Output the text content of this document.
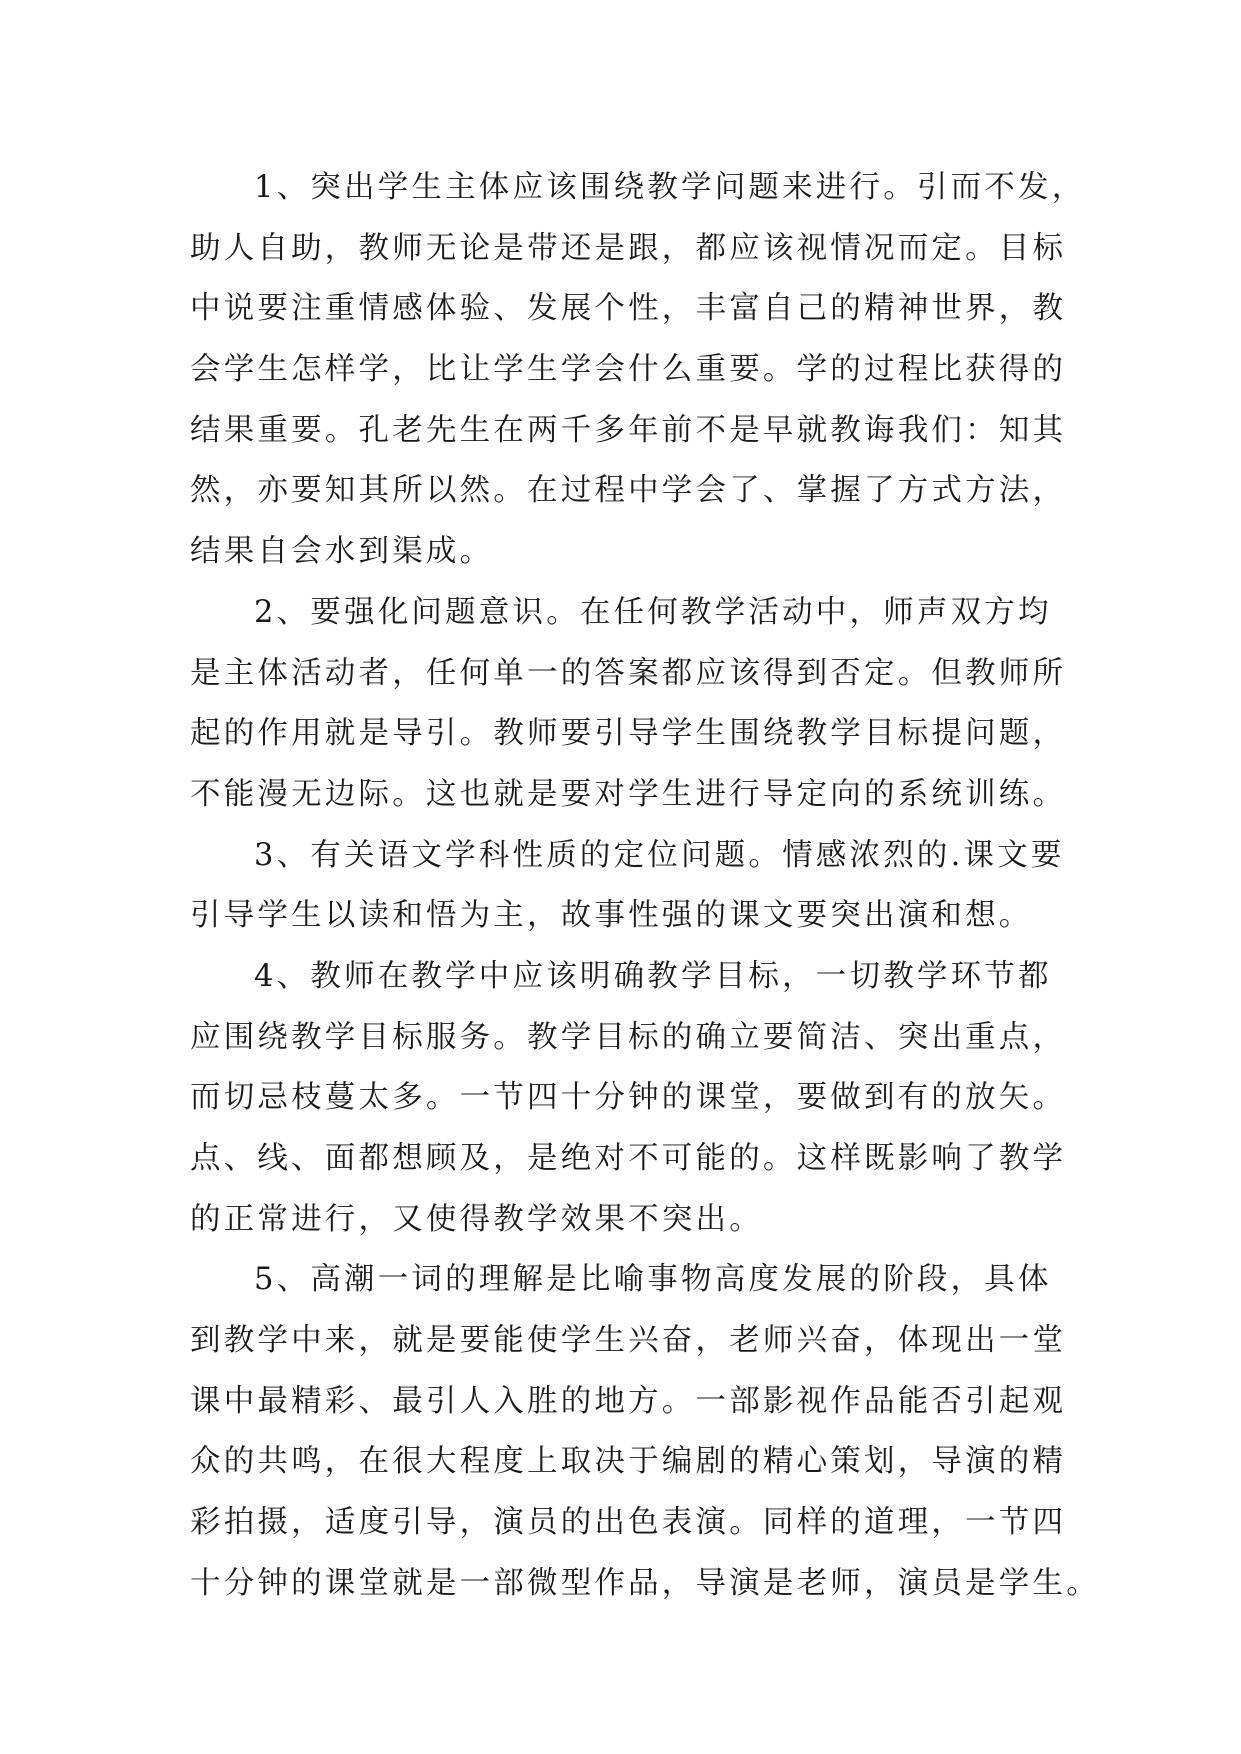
1、突出学生主体应该围绕教学问题来进行。引而不发，
助人自助，教师无论是带还是跟，都应该视情况而定。目标
中说要注重情感体验、发展个性，丰富自己的精神世界，教
会学生怎样学，比让学生学会什么重要。学的过程比获得的
结果重要。孔老先生在两千多年前不是早就教诲我们：知其
然，亦要知其所以然。在过程中学会了、掌握了方式方法，
结果自会水到渠成。
2、要强化问题意识。在任何教学活动中，师声双方均
是主体活动者，任何单一的答案都应该得到否定。但教师所
起的作用就是导引。教师要引导学生围绕教学目标提问题，
不能漫无边际。这也就是要对学生进行导定向的系统训练。
3、有关语文学科性质的定位问题。情感浓烈的.课文要
引导学生以读和悟为主，故事性强的课文要突出演和想。
4、教师在教学中应该明确教学目标，一切教学环节都
应围绕教学目标服务。教学目标的确立要简洁、突出重点，
而切忌枝蔓太多。一节四十分钟的课堂，要做到有的放矢。
点、线、面都想顾及，是绝对不可能的。这样既影响了教学
的正常进行，又使得教学效果不突出。
5、高潮一词的理解是比喻事物高度发展的阶段，具体
到教学中来，就是要能使学生兴奋，老师兴奋，体现出一堂
课中最精彩、最引人入胜的地方。一部影视作品能否引起观
众的共鸣，在很大程度上取决于编剧的精心策划，导演的精
彩拍摄，适度引导，演员的出色表演。同样的道理，一节四
十分钟的课堂就是一部微型作品，导演是老师，演员是学生。
